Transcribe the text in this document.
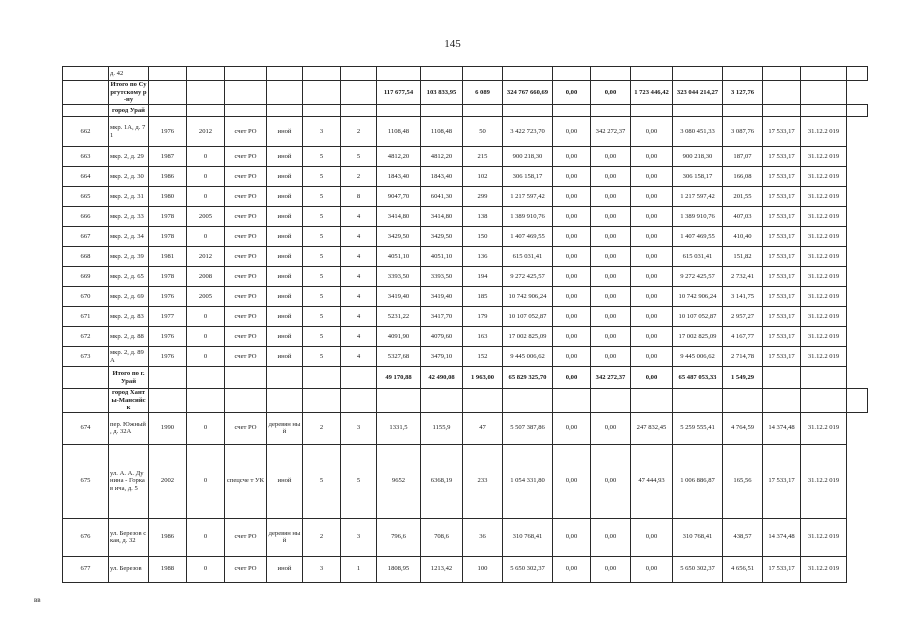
145
	д. 42																		
	Итого по Сургутскому р-ну							117 677,54	103 833,95	6 089	324 767 660,69	0,00	0,00	1 723 446,42	323 044 214,27	3 127,76			
	город Урай																		
662	мкр. 1А, д. 71	1976	2012	счет РО	иной	3	2	1108,48	1108,48	50	3 422 723,70	0,00	342 272,37	0,00	3 080 451,33	3 087,76	17 533,17	31.12.2 019	
663	мкр. 2, д. 29	1987	0	счет РО	иной	5	5	4812,20	4812,20	215	900 218,30	0,00	0,00	0,00	900 218,30	187,07	17 533,17	31.12.2 019	
664	мкр. 2, д. 30	1986	0	счет РО	иной	5	2	1843,40	1843,40	102	306 158,17	0,00	0,00	0,00	306 158,17	166,08	17 533,17	31.12.2 019	
665	мкр. 2, д. 31	1980	0	счет РО	иной	5	8	9047,70	6041,30	299	1 217 597,42	0,00	0,00	0,00	1 217 597,42	201,55	17 533,17	31.12.2 019	
666	мкр. 2, д. 33	1978	2005	счет РО	иной	5	4	3414,80	3414,80	138	1 389 910,76	0,00	0,00	0,00	1 389 910,76	407,03	17 533,17	31.12.2 019	
667	мкр. 2, д. 34	1978	0	счет РО	иной	5	4	3429,50	3429,50	150	1 407 469,55	0,00	0,00	0,00	1 407 469,55	410,40	17 533,17	31.12.2 019	
668	мкр. 2, д. 39	1981	2012	счет РО	иной	5	4	4051,10	4051,10	136	615 031,41	0,00	0,00	0,00	615 031,41	151,82	17 533,17	31.12.2 019	
669	мкр. 2, д. 65	1978	2008	счет РО	иной	5	4	3393,50	3393,50	194	9 272 425,57	0,00	0,00	0,00	9 272 425,57	2 732,41	17 533,17	31.12.2 019	
670	мкр. 2, д. 69	1976	2005	счет РО	иной	5	4	3419,40	3419,40	185	10 742 906,24	0,00	0,00	0,00	10 742 906,24	3 141,75	17 533,17	31.12.2 019	
671	мкр. 2, д. 83	1977	0	счет РО	иной	5	4	5231,22	3417,70	179	10 107 052,87	0,00	0,00	0,00	10 107 052,87	2 957,27	17 533,17	31.12.2 019	
672	мкр. 2, д. 88	1976	0	счет РО	иной	5	4	4091,90	4079,60	163	17 002 825,09	0,00	0,00	0,00	17 002 825,09	4 167,77	17 533,17	31.12.2 019	
673	мкр. 2, д. 89А	1976	0	счет РО	иной	5	4	5327,68	3479,10	152	9 445 006,62	0,00	0,00	0,00	9 445 006,62	2 714,78	17 533,17	31.12.2 019	
	Итого по г. Урай							49 170,88	42 490,08	1 963,00	65 829 325,70	0,00	342 272,37	0,00	65 487 053,33	1 549,29			
	город Ханты-Мансийск																		
674	пер. Южный , д. 32А	1990	0	счет РО	деревян ный	2	3	1331,5	1155,9	47	5 507 387,86	0,00	0,00	247 832,45	5 259 555,41	4 764,59	14 374,48	31.12.2 019	
675	ул. А. А. Дунина - Горкав ича, д. 5	2002	0	спецсче т УК	иной	5	5	9652	6368,19	233	1 054 331,80	0,00	0,00	47 444,93	1 006 886,87	165,56	17 533,17	31.12.2 019	
676	ул. Березов ская, д. 32	1986	0	счет РО	деревян ный	2	3	796,6	708,6	36	310 768,41	0,00	0,00	0,00	310 768,41	438,57	14 374,48	31.12.2 019	
677	ул. Березов	1988	0	счет РО	иной	3	1	1808,95	1213,42	100	5 650 302,37	0,00	0,00	0,00	5 650 302,37	4 656,51	17 533,17	31.12.2 019	
вв
